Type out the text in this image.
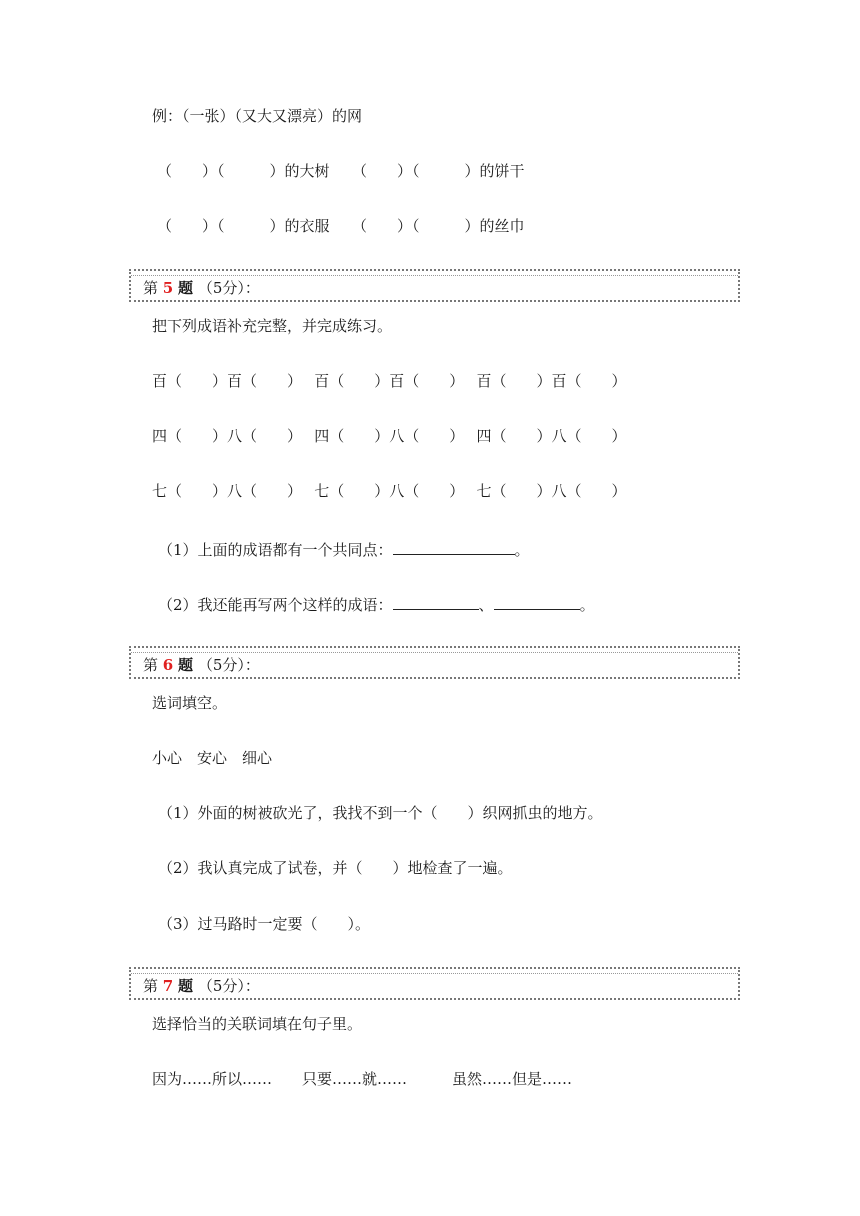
例：（一张）（又大又漂亮）的网
（　　）（　　　）的大树　　（　　）（　　　）的饼干
（　　）（　　　）的衣服　　（　　）（　　　）的丝巾
第 5 题 （5分）：
把下列成语补充完整，并完成练习。
百（　　）百（　　）　 百（　　）百（　　）　 百（　　）百（　　）
四（　　）八（　　）　 四（　　）八（　　）　 四（　　）八（　　）
七（　　）八（　　）　 七（　　）八（　　）　 七（　　）八（　　）
（1）上面的成语都有一个共同点：	。
（2）我还能再写两个这样的成语：	、	。
第 6 题 （5分）：
选词填空。
小心　安心　细心
（1）外面的树被砍光了，我找不到一个（　　）织网抓虫的地方。
（2）我认真完成了试卷，并（　　）地检查了一遍。
（3）过马路时一定要（　　）。
第 7 题 （5分）：
选择恰当的关联词填在句子里。
因为……所以……　　只要……就……　　　虽然……但是……
